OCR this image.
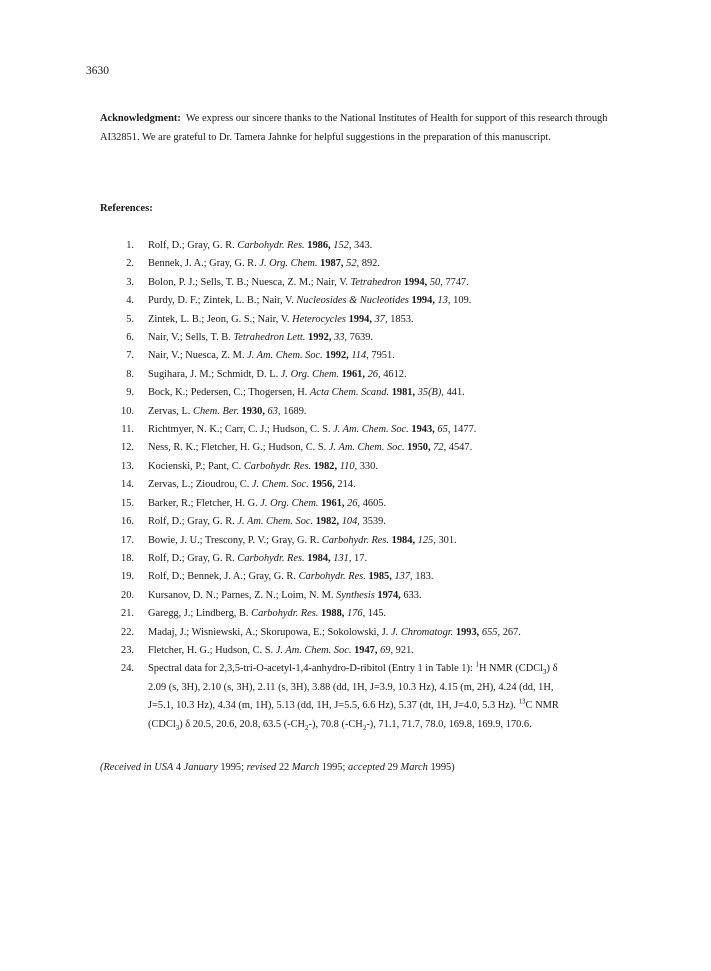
3630
Acknowledgment: We express our sincere thanks to the National Institutes of Health for support of this research through AI32851. We are grateful to Dr. Tamera Jahnke for helpful suggestions in the preparation of this manuscript.
References:
1.	Rolf, D.; Gray, G. R. Carbohydr. Res. 1986, 152, 343.
2.	Bennek, J. A.; Gray, G. R. J. Org. Chem. 1987, 52, 892.
3.	Bolon, P. J.; Sells, T. B.; Nuesca, Z. M.; Nair, V. Tetrahedron 1994, 50, 7747.
4.	Purdy, D. F.; Zintek, L. B.; Nair, V. Nucleosides & Nucleotides 1994, 13, 109.
5.	Zintek, L. B.; Jeon, G. S.; Nair, V. Heterocycles 1994, 37, 1853.
6.	Nair, V.; Sells, T. B. Tetrahedron Lett. 1992, 33, 7639.
7.	Nair, V.; Nuesca, Z. M. J. Am. Chem. Soc. 1992, 114, 7951.
8.	Sugihara, J. M.; Schmidt, D. L. J. Org. Chem. 1961, 26, 4612.
9.	Bock, K.; Pedersen, C.; Thogersen, H. Acta Chem. Scand. 1981, 35(B), 441.
10.	Zervas, L. Chem. Ber. 1930, 63, 1689.
11.	Richtmyer, N. K.; Carr, C. J.; Hudson, C. S. J. Am. Chem. Soc. 1943, 65, 1477.
12.	Ness, R. K.; Fletcher, H. G.; Hudson, C. S. J. Am. Chem. Soc. 1950, 72, 4547.
13.	Kocienski, P.; Pant, C. Carbohydr. Res. 1982, 110, 330.
14.	Zervas, L.; Zioudrou, C. J. Chem. Soc. 1956, 214.
15.	Barker, R.; Fletcher, H. G. J. Org. Chem. 1961, 26, 4605.
16.	Rolf, D.; Gray, G. R. J. Am. Chem. Soc. 1982, 104, 3539.
17.	Bowie, J. U.; Trescony, P. V.; Gray, G. R. Carbohydr. Res. 1984, 125, 301.
18.	Rolf, D.; Gray, G. R. Carbohydr. Res. 1984, 131, 17.
19.	Rolf, D.; Bennek, J. A.; Gray, G. R. Carbohydr. Res. 1985, 137, 183.
20.	Kursanov, D. N.; Parnes, Z. N.; Loim, N. M. Synthesis 1974, 633.
21.	Garegg, J.; Lindberg, B. Carbohydr. Res. 1988, 176, 145.
22.	Madaj, J.; Wisniewski, A.; Skorupowa, E.; Sokolowski, J. J. Chromatogr. 1993, 655, 267.
23.	Fletcher, H. G.; Hudson, C. S. J. Am. Chem. Soc. 1947, 69, 921.
24.	Spectral data for 2,3,5-tri-O-acetyl-1,4-anhydro-D-ribitol (Entry 1 in Table 1): $^1$H NMR (CDCl$_3$) δ
2.09 (s, 3H), 2.10 (s, 3H), 2.11 (s, 3H), 3.88 (dd, 1H, J=3.9, 10.3 Hz), 4.15 (m, 2H), 4.24 (dd, 1H,
J=5.1, 10.3 Hz), 4.34 (m, 1H), 5.13 (dd, 1H, J=5.5, 6.6 Hz), 5.37 (dt, 1H, J=4.0, 5.3 Hz). $^{13}$C NMR
(CDCl$_3$) δ 20.5, 20.6, 20.8, 63.5 $(-CH_2-)$, 70.8 $(-CH_2-)$, 71.1, 71.7, 78.0, 169.8, 169.9, 170.6.
(Received in USA 4 January 1995; revised 22 March 1995; accepted 29 March 1995)
